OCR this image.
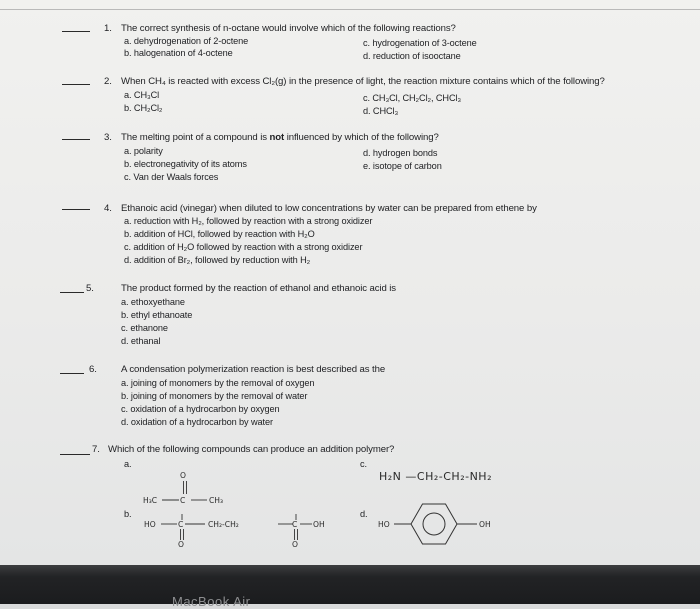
1. The correct synthesis of n-octane would involve which of the following reactions?
a. dehydrogenation of 2-octene
b. halogenation of 4-octene
c. hydrogenation of 3-octene
d. reduction of isooctane
2. When CH₄ is reacted with excess Cl₂(g) in the presence of light, the reaction mixture contains which of the following?
a. CH₃Cl
b. CH₂Cl₂
c. CH₃Cl, CH₂Cl₂, CHCl₃
d. CHCl₃
3. The melting point of a compound is not influenced by which of the following?
a. polarity
b. electronegativity of its atoms
c. Van der Waals forces
d. hydrogen bonds
e. isotope of carbon
4. Ethanoic acid (vinegar) when diluted to low concentrations by water can be prepared from ethene by
a. reduction with H₂, followed by reaction with a strong oxidizer
b. addition of HCl, followed by reaction with H₂O
c. addition of H₂O followed by reaction with a strong oxidizer
d. addition of Br₂, followed by reduction with H₂
5.	The product formed by the reaction of ethanol and ethanoic acid is
a. ethoxyethane
b. ethyl ethanoate
c. ethanone
d. ethanal
6.	A condensation polymerization reaction is best described as the
a. joining of monomers by the removal of oxygen
b. joining of monomers by the removal of water
c. oxidation of a hydrocarbon by oxygen
d. oxidation of a hydrocarbon by water
7. Which of the following compounds can produce an addition polymer?
a.
b.
c.
d.
O
H₃C	C	CH₃
HO	C	CH₂-CH₂	C OH
O	O
H₂N —CH₂-CH₂-NH₂
HO	OH
MacBook Air
